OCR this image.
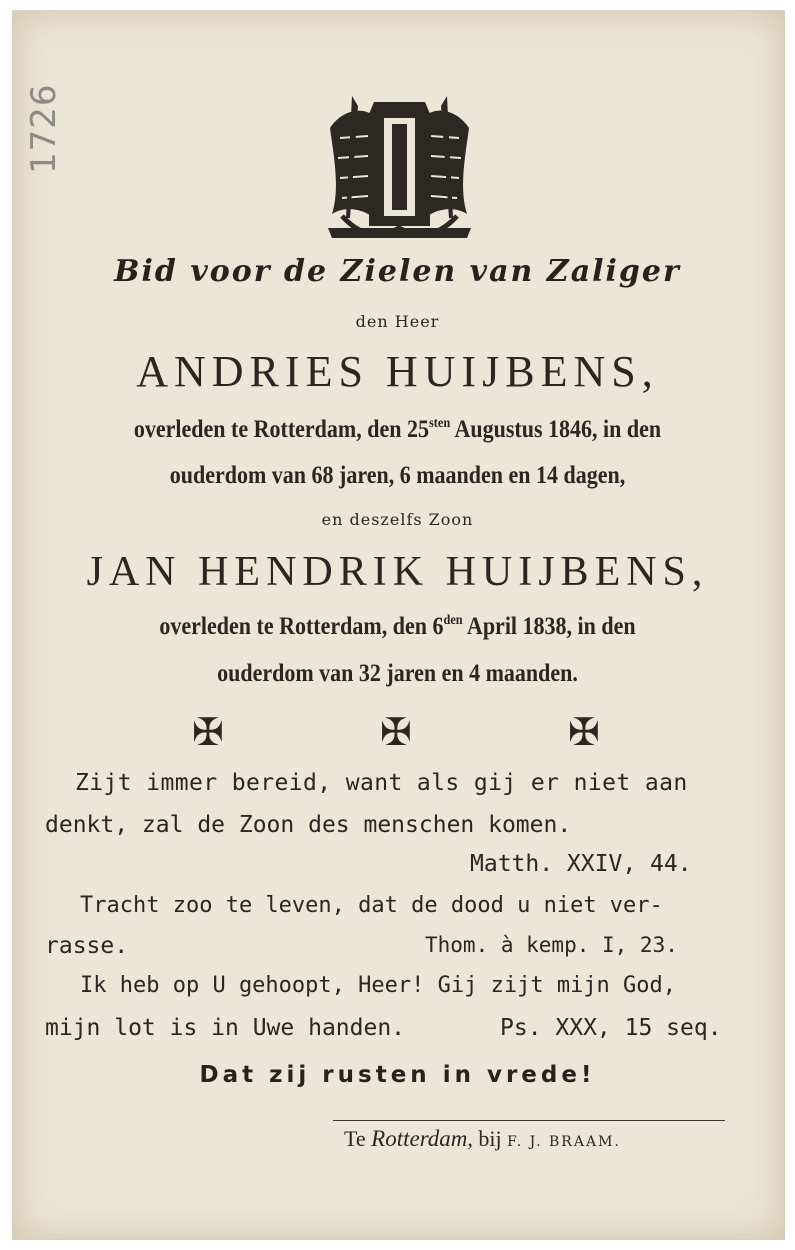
1726
Bid voor de Zielen van Zaliger
den Heer
ANDRIES HUIJBENS,
overleden te Rotterdam, den $25^{sten}$ Augustus 1846, in den
ouderdom van 68 jaren, 6 maanden en 14 dagen,
en deszelfs Zoon
JAN HENDRIK HUIJBENS,
overleden te Rotterdam, den $6^{den}$ April 1838, in den
ouderdom van 32 jaren en 4 maanden.
✠	✠	✠
Zijt immer bereid, want als gij er niet aan
denkt, zal de Zoon des menschen komen.
Matth. XXIV, 44.
Tracht zoo te leven, dat de dood u niet ver-
rasse.	Thom. à kemp. I, 23.
Ik heb op U gehoopt, Heer! Gij zijt mijn God,
mijn lot is in Uwe handen.	Ps. XXX, 15 seq.
Dat zij rusten in vrede!
Te Rotterdam, bij F. J. BRAAM.
